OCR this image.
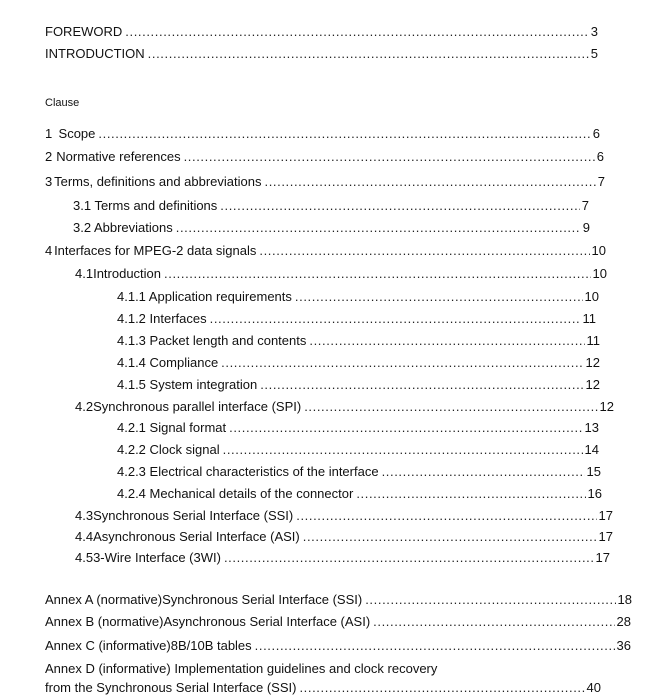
FOREWORD .....	3
INTRODUCTION .....	5
Clause
1 Scope .....	6
2 Normative references .....	6
3 Terms, definitions and abbreviations .....	7
3.1 Terms and definitions .....	7
3.2 Abbreviations .....	9
4 Interfaces for MPEG-2 data signals .....	10
4.1 Introduction .....	10
4.1.1 Application requirements .....	10
4.1.2 Interfaces .....	11
4.1.3 Packet length and contents .....	11
4.1.4 Compliance .....	12
4.1.5 System integration .....	12
4.2 Synchronous parallel interface (SPI) .....	12
4.2.1 Signal format .....	13
4.2.2 Clock signal .....	14
4.2.3 Electrical characteristics of the interface .....	15
4.2.4 Mechanical details of the connector .....	16
4.3 Synchronous Serial Interface (SSI) .....	17
4.4 Asynchronous Serial Interface (ASI) .....	17
4.5 3-Wire Interface (3WI) .....	17
Annex A (normative) Synchronous Serial Interface (SSI) .....	18
Annex B (normative) Asynchronous Serial Interface (ASI) .....	28
Annex C (informative) 8B/10B tables .....	36
Annex D (informative) Implementation guidelines and clock recovery
from the Synchronous Serial Interface (SSI) .....	40
